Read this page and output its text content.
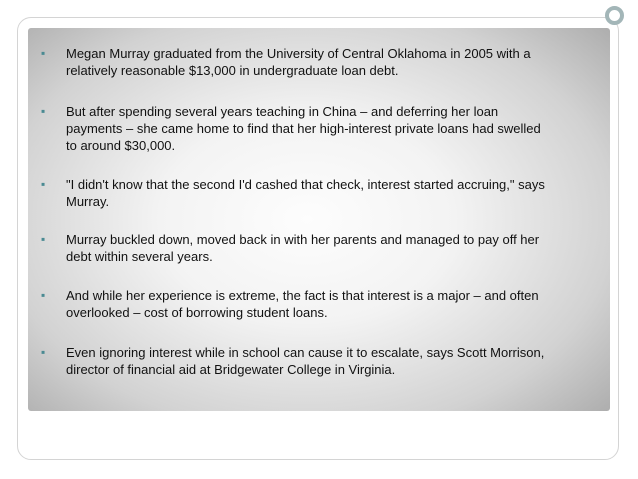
▪ Megan Murray graduated from the University of Central Oklahoma in 2005 with a
relatively reasonable $13,000 in undergraduate loan debt.
▪ But after spending several years teaching in China – and deferring her loan
payments – she came home to find that her high-interest private loans had swelled
to around $30,000.
▪ "I didn't know that the second I'd cashed that check, interest started accruing," says
Murray.
▪ Murray buckled down, moved back in with her parents and managed to pay off her
debt within several years.
▪ And while her experience is extreme, the fact is that interest is a major – and often
overlooked – cost of borrowing student loans.
▪ Even ignoring interest while in school can cause it to escalate, says Scott Morrison,
director of financial aid at Bridgewater College in Virginia.
